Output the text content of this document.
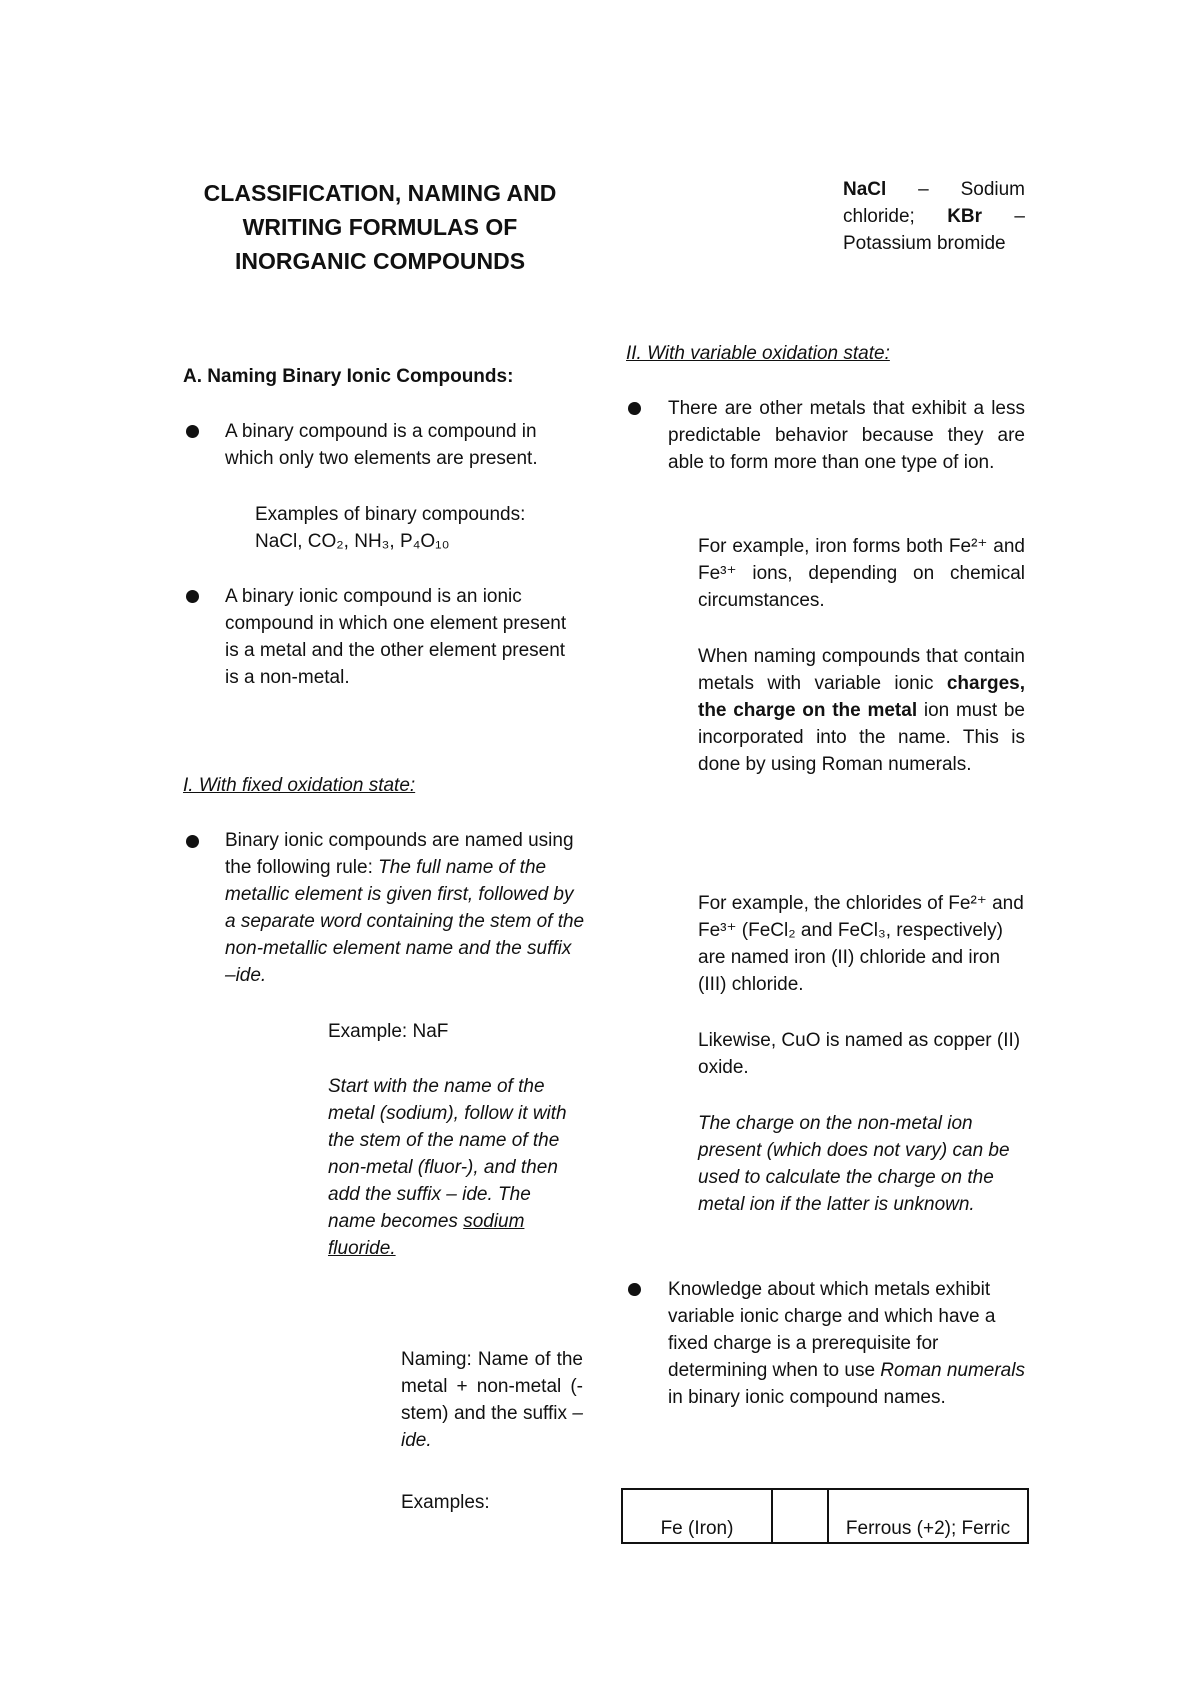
CLASSIFICATION, NAMING AND
WRITING FORMULAS OF
INORGANIC COMPOUNDS
A. Naming Binary Ionic Compounds:
A binary compound is a compound in which only two elements are present.
Examples of binary compounds:
NaCl, CO₂, NH₃, P₄O₁₀
A binary ionic compound is an ionic compound in which one element present is a metal and the other element present is a non-metal.
I. With fixed oxidation state:
Binary ionic compounds are named using the following rule: The full name of the metallic element is given first, followed by a separate word containing the stem of the non-metallic element name and the suffix –ide.
Example: NaF
Start with the name of the metal (sodium), follow it with the stem of the name of the non-metal (fluor-), and then add the suffix – ide. The name becomes sodium fluoride.
Naming: Name of the metal + non-metal (-stem) and the suffix –ide.
Examples:
NaCl – Sodium chloride; KBr – Potassium bromide
II. With variable oxidation state:
There are other metals that exhibit a less predictable behavior because they are able to form more than one type of ion.
For example, iron forms both Fe²⁺ and Fe³⁺ ions, depending on chemical circumstances.
When naming compounds that contain metals with variable ionic charges, the charge on the metal ion must be incorporated into the name. This is done by using Roman numerals.
For example, the chlorides of Fe²⁺ and Fe³⁺ (FeCl₂ and FeCl₃, respectively) are named iron (II) chloride and iron (III) chloride.
Likewise, CuO is named as copper (II) oxide.
The charge on the non-metal ion present (which does not vary) can be used to calculate the charge on the metal ion if the latter is unknown.
Knowledge about which metals exhibit variable ionic charge and which have a fixed charge is a prerequisite for determining when to use Roman numerals in binary ionic compound names.
Fe (Iron)		Ferrous (+2); Ferric
